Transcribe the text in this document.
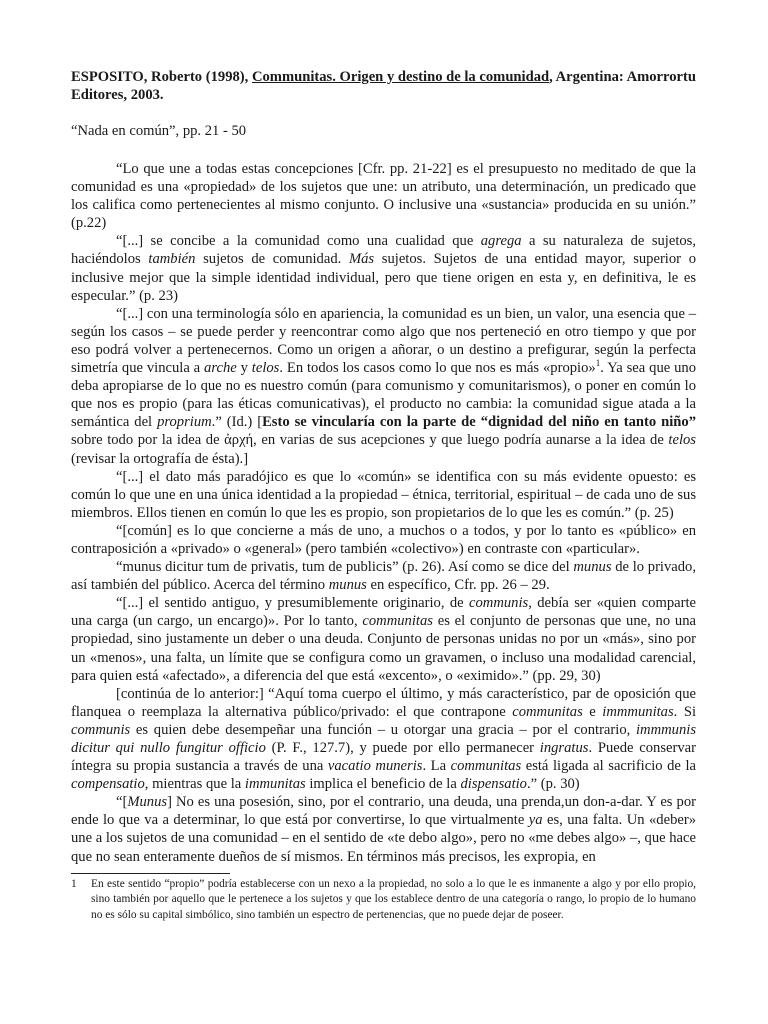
ESPOSITO, Roberto (1998), Communitas. Origen y destino de la comunidad, Argentina: Amorrortu Editores, 2003.

“Nada en común”, pp. 21 - 50

“Lo que une a todas estas concepciones [Cfr. pp. 21-22] es el presupuesto no meditado de que la comunidad es una «propiedad» de los sujetos que une: un atributo, una determinación, un predicado que los califica como pertenecientes al mismo conjunto. O inclusive una «sustancia» producida en su unión.” (p.22)

“[...] se concibe a la comunidad como una cualidad que agrega a su naturaleza de sujetos, haciéndolos también sujetos de comunidad. Más sujetos. Sujetos de una entidad mayor, superior o inclusive mejor que la simple identidad individual, pero que tiene origen en esta y, en definitiva, le es especular.” (p. 23)

“[...] con una terminología sólo en apariencia, la comunidad es un bien, un valor, una esencia que – según los casos – se puede perder y reencontrar como algo que nos perteneció en otro tiempo y que por eso podrá volver a pertenecernos. Como un origen a añorar, o un destino a prefigurar, según la perfecta simetría que vincula a arche y telos. En todos los casos como lo que nos es más «propio»$^1$. Ya sea que uno deba apropiarse de lo que no es nuestro común (para comunismo y comunitarismos), o poner en común lo que nos es propio (para las éticas comunicativas), el producto no cambia: la comunidad sigue atada a la semántica del proprium.” (Id.) [Esto se vincularía con la parte de “dignidad del niño en tanto niño” sobre todo por la idea de ἀρχή, en varias de sus acepciones y que luego podría aunarse a la idea de telos (revisar la ortografía de ésta).]

“[...] el dato más paradójico es que lo «común» se identifica con su más evidente opuesto: es común lo que une en una única identidad a la propiedad – étnica, territorial, espiritual – de cada uno de sus miembros. Ellos tienen en común lo que les es propio, son propietarios de lo que les es común.” (p. 25)

“[común] es lo que concierne a más de uno, a muchos o a todos, y por lo tanto es «público» en contraposición a «privado» o «general» (pero también «colectivo») en contraste con «particular».

“munus dicitur tum de privatis, tum de publicis” (p. 26). Así como se dice del munus de lo privado, así también del público. Acerca del término munus en específico, Cfr. pp. 26 – 29.

“[...] el sentido antiguo, y presumiblemente originario, de communis, debía ser «quien comparte una carga (un cargo, un encargo)». Por lo tanto, communitas es el conjunto de personas que une, no una propiedad, sino justamente un deber o una deuda. Conjunto de personas unidas no por un «más», sino por un «menos», una falta, un límite que se configura como un gravamen, o incluso una modalidad carencial, para quien está «afectado», a diferencia del que está «excento», o «eximido».” (pp. 29, 30)

[continúa de lo anterior:] “Aquí toma cuerpo el último, y más característico, par de oposición que flanquea o reemplaza la alternativa público/privado: el que contrapone communitas e immmunitas. Si communis es quien debe desempeñar una función – u otorgar una gracia – por el contrario, immmunis dicitur qui nullo fungitur officio (P. F., 127.7), y puede por ello permanecer ingratus. Puede conservar íntegra su propia sustancia a través de una vacatio muneris. La communitas está ligada al sacrificio de la compensatio, mientras que la immunitas implica el beneficio de la dispensatio.” (p. 30)

“[Munus] No es una posesión, sino, por el contrario, una deuda, una prenda,un don-a-dar. Y es por ende lo que va a determinar, lo que está por convertirse, lo que virtualmente ya es, una falta. Un «deber» une a los sujetos de una comunidad – en el sentido de «te debo algo», pero no «me debes algo» –, que hace que no sean enteramente dueños de sí mismos. En términos más precisos, les expropia, en

1	En este sentido “propio” podría establecerse con un nexo a la propiedad, no solo a lo que le es inmanente a algo y por ello propio, sino también por aquello que le pertenece a los sujetos y que los establece dentro de una categoría o rango, lo propio de lo humano no es sólo su capital simbólico, sino también un espectro de pertenencias, que no puede dejar de poseer.
